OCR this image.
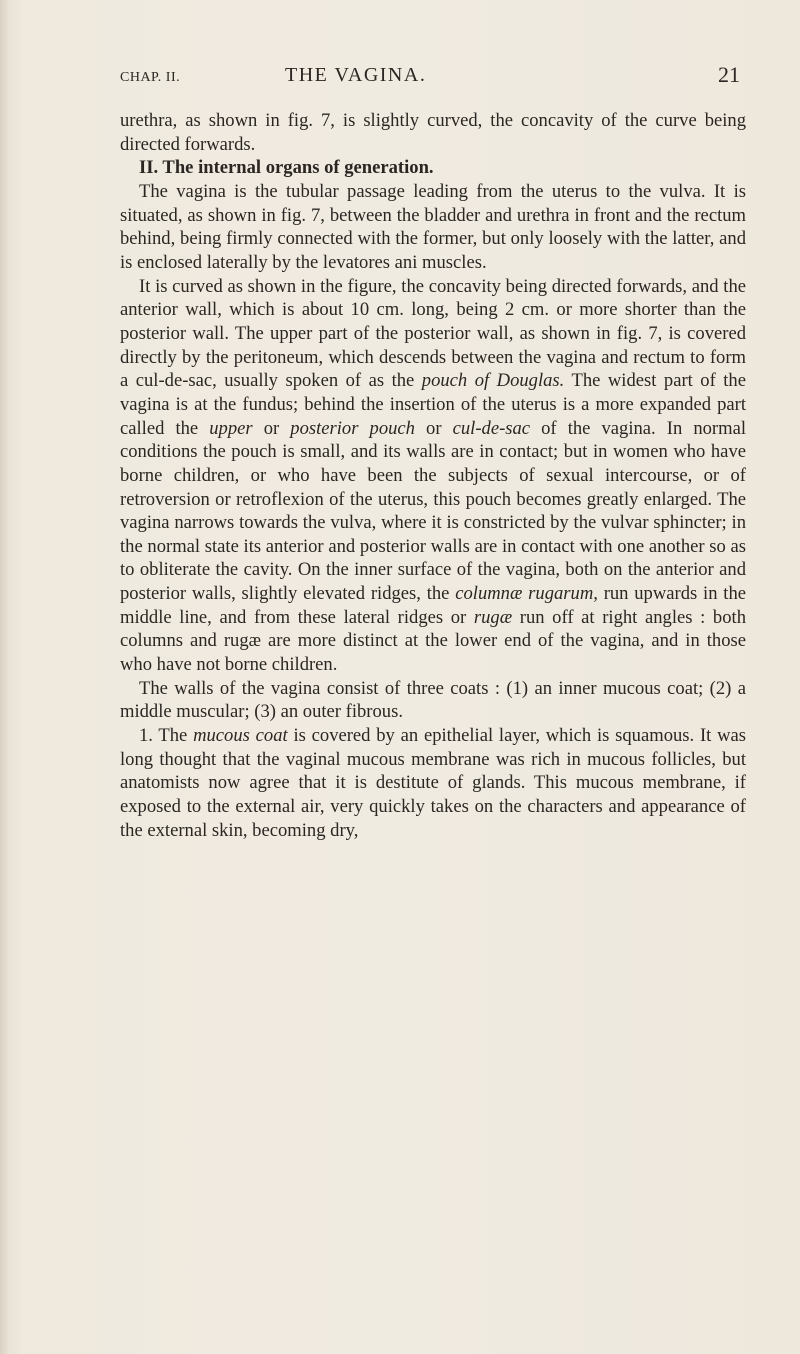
CHAP. II.	THE VAGINA.	21

urethra, as shown in fig. 7, is slightly curved, the concavity of the curve being directed forwards.

II. The internal organs of generation.

The vagina is the tubular passage leading from the uterus to the vulva. It is situated, as shown in fig. 7, between the bladder and urethra in front and the rectum behind, being firmly connected with the former, but only loosely with the latter, and is enclosed laterally by the levatores ani muscles.

It is curved as shown in the figure, the concavity being directed forwards, and the anterior wall, which is about 10 cm. long, being 2 cm. or more shorter than the posterior wall. The upper part of the posterior wall, as shown in fig. 7, is covered directly by the peritoneum, which descends between the vagina and rectum to form a cul-de-sac, usually spoken of as the pouch of Douglas. The widest part of the vagina is at the fundus; behind the insertion of the uterus is a more expanded part called the upper or posterior pouch or cul-de-sac of the vagina. In normal conditions the pouch is small, and its walls are in contact; but in women who have borne children, or who have been the subjects of sexual intercourse, or of retroversion or retroflexion of the uterus, this pouch becomes greatly enlarged. The vagina narrows towards the vulva, where it is constricted by the vulvar sphincter; in the normal state its anterior and posterior walls are in contact with one another so as to obliterate the cavity. On the inner surface of the vagina, both on the anterior and posterior walls, slightly elevated ridges, the columnæ rugarum, run upwards in the middle line, and from these lateral ridges or rugæ run off at right angles : both columns and rugæ are more distinct at the lower end of the vagina, and in those who have not borne children.

The walls of the vagina consist of three coats : (1) an inner mucous coat; (2) a middle muscular; (3) an outer fibrous.

1. The mucous coat is covered by an epithelial layer, which is squamous. It was long thought that the vaginal mucous membrane was rich in mucous follicles, but anatomists now agree that it is destitute of glands. This mucous membrane, if exposed to the external air, very quickly takes on the characters and appearance of the external skin, becoming dry,
